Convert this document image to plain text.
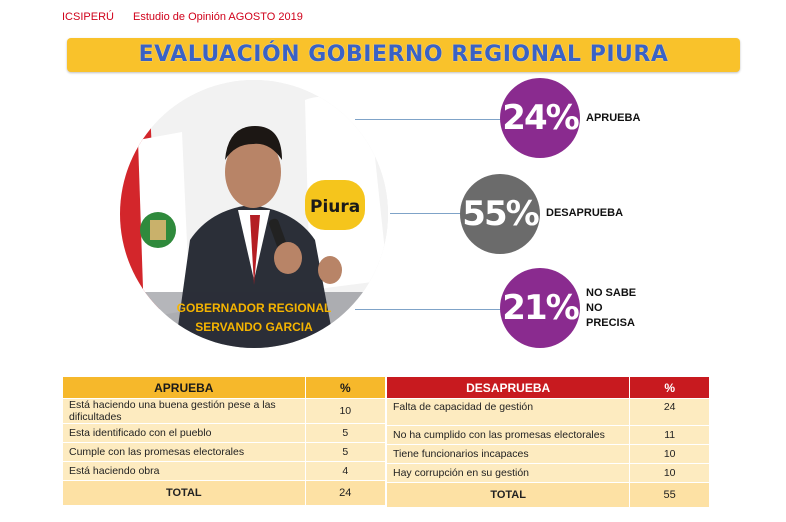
ICSIPERÚ Estudio de Opinión AGOSTO 2019
EVALUACIÓN GOBIERNO REGIONAL PIURA
Piura
GOBERNADOR REGIONAL
SERVANDO GARCIA
24% APRUEBA
55% DESAPRUEBA
21% NO SABE
NO
PRECISA
APRUEBA	%
Está haciendo una buena gestión pese a las dificultades	10
Esta identificado con el pueblo	5
Cumple con las promesas electorales	5
Está haciendo obra	4
TOTAL	24
DESAPRUEBA	%
Falta de capacidad de gestión	24
No ha cumplido con las promesas electorales	11
Tiene funcionarios incapaces	10
Hay corrupción en su gestión	10
TOTAL	55
